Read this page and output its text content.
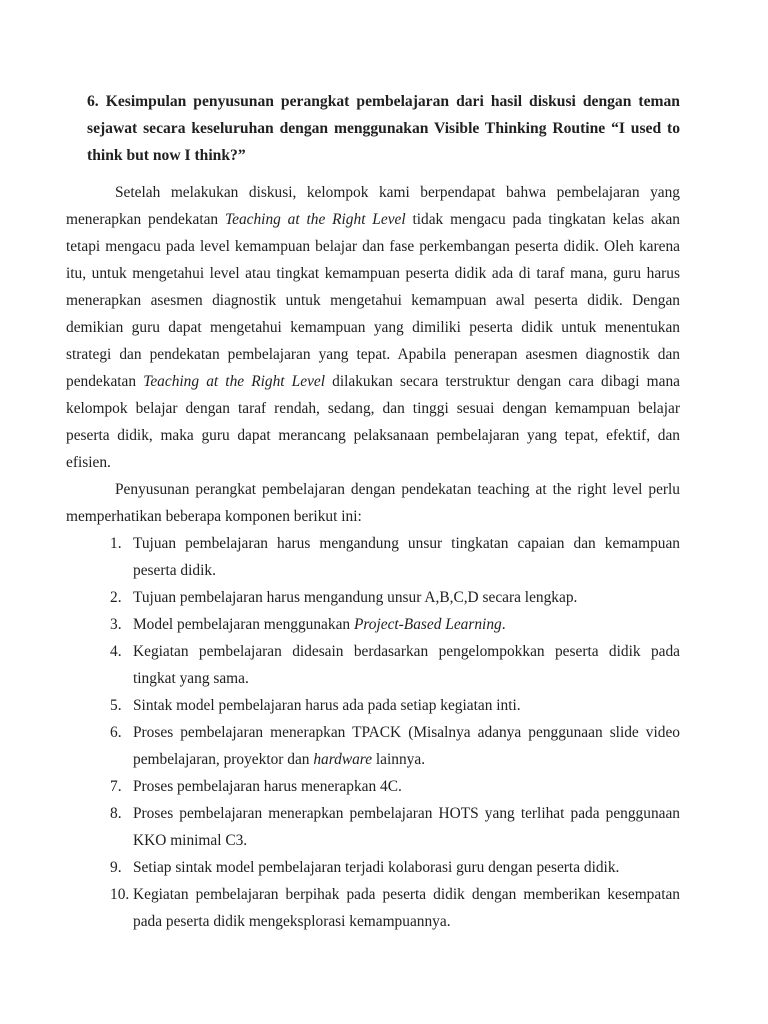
6. Kesimpulan penyusunan perangkat pembelajaran dari hasil diskusi dengan teman sejawat secara keseluruhan dengan menggunakan Visible Thinking Routine “I used to think but now I think?”

Setelah melakukan diskusi, kelompok kami berpendapat bahwa pembelajaran yang menerapkan pendekatan Teaching at the Right Level tidak mengacu pada tingkatan kelas akan tetapi mengacu pada level kemampuan belajar dan fase perkembangan peserta didik. Oleh karena itu, untuk mengetahui level atau tingkat kemampuan peserta didik ada di taraf mana, guru harus menerapkan asesmen diagnostik untuk mengetahui kemampuan awal peserta didik. Dengan demikian guru dapat mengetahui kemampuan yang dimiliki peserta didik untuk menentukan strategi dan pendekatan pembelajaran yang tepat. Apabila penerapan asesmen diagnostik dan pendekatan Teaching at the Right Level dilakukan secara terstruktur dengan cara dibagi mana kelompok belajar dengan taraf rendah, sedang, dan tinggi sesuai dengan kemampuan belajar peserta didik, maka guru dapat merancang pelaksanaan pembelajaran yang tepat, efektif, dan efisien.

Penyusunan perangkat pembelajaran dengan pendekatan teaching at the right level perlu memperhatikan beberapa komponen berikut ini:

1. Tujuan pembelajaran harus mengandung unsur tingkatan capaian dan kemampuan peserta didik.
2. Tujuan pembelajaran harus mengandung unsur A,B,C,D secara lengkap.
3. Model pembelajaran menggunakan Project-Based Learning.
4. Kegiatan pembelajaran didesain berdasarkan pengelompokkan peserta didik pada tingkat yang sama.
5. Sintak model pembelajaran harus ada pada setiap kegiatan inti.
6. Proses pembelajaran menerapkan TPACK (Misalnya adanya penggunaan slide video pembelajaran, proyektor dan hardware lainnya.
7. Proses pembelajaran harus menerapkan 4C.
8. Proses pembelajaran menerapkan pembelajaran HOTS yang terlihat pada penggunaan KKO minimal C3.
9. Setiap sintak model pembelajaran terjadi kolaborasi guru dengan peserta didik.
10. Kegiatan pembelajaran berpihak pada peserta didik dengan memberikan kesempatan pada peserta didik mengeksplorasi kemampuannya.
